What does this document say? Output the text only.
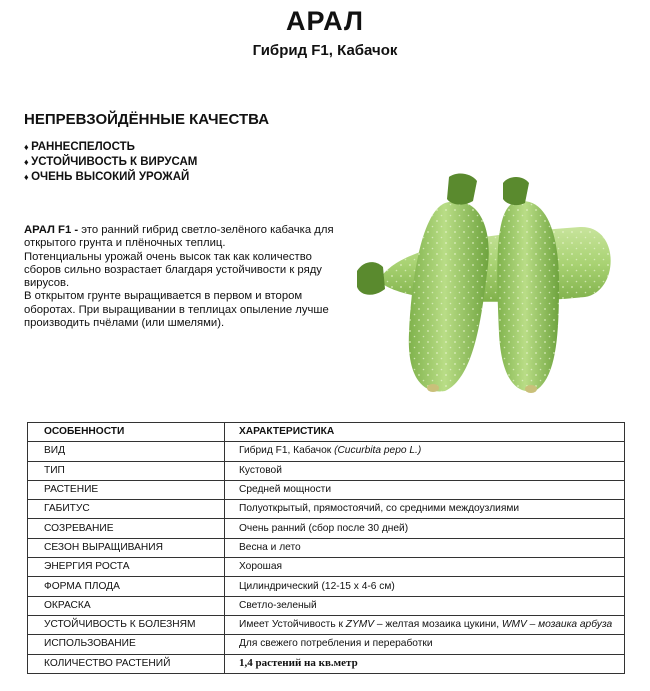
АРАЛ
Гибрид F1, Кабачок
НЕПРЕВЗОЙДЁННЫЕ КАЧЕСТВА
♦ РАННЕСПЕЛОСТЬ
♦ УСТОЙЧИВОСТЬ К ВИРУСАМ
♦ ОЧЕНЬ ВЫСОКИЙ УРОЖАЙ

АРАЛ F1 - это ранний гибрид светло-зелёного кабачка для открытого грунта и плёночных теплиц.

Потенциальны урожай очень высок так как количество сборов сильно возрастает благдаря устойчивости к ряду вирусов.

В открытом грунте выращивается в первом и втором оборотах. При выращивании в теплицах опыление лучше производить пчёлами (или шмелями).

ОСОБЕННОСТИ	ХАРАКТЕРИСТИКА
ВИД	Гибрид F1, Кабачок (Cucurbita pepo L.)
ТИП	Кустовой
РАСТЕНИЕ	Средней мощности
ГАБИТУС	Полуоткрытый, прямостоячий, со средними междоузлиями
СОЗРЕВАНИЕ	Очень ранний (сбор после 30 дней)
СЕЗОН ВЫРАЩИВАНИЯ	Весна и лето
ЭНЕРГИЯ РОСТА	Хорошая
ФОРМА ПЛОДА	Цилиндрический (12-15 х 4-6 см)
ОКРАСКА	Светло-зеленый
УСТОЙЧИВОСТЬ К БОЛЕЗНЯМ	Имеет Устойчивость к ZYMV – желтая мозаика цукини, WMV – мозаика арбуза
ИСПОЛЬЗОВАНИЕ	Для свежего потребления и переработки
КОЛИЧЕСТВО РАСТЕНИЙ	1,4 растений на кв.метр
